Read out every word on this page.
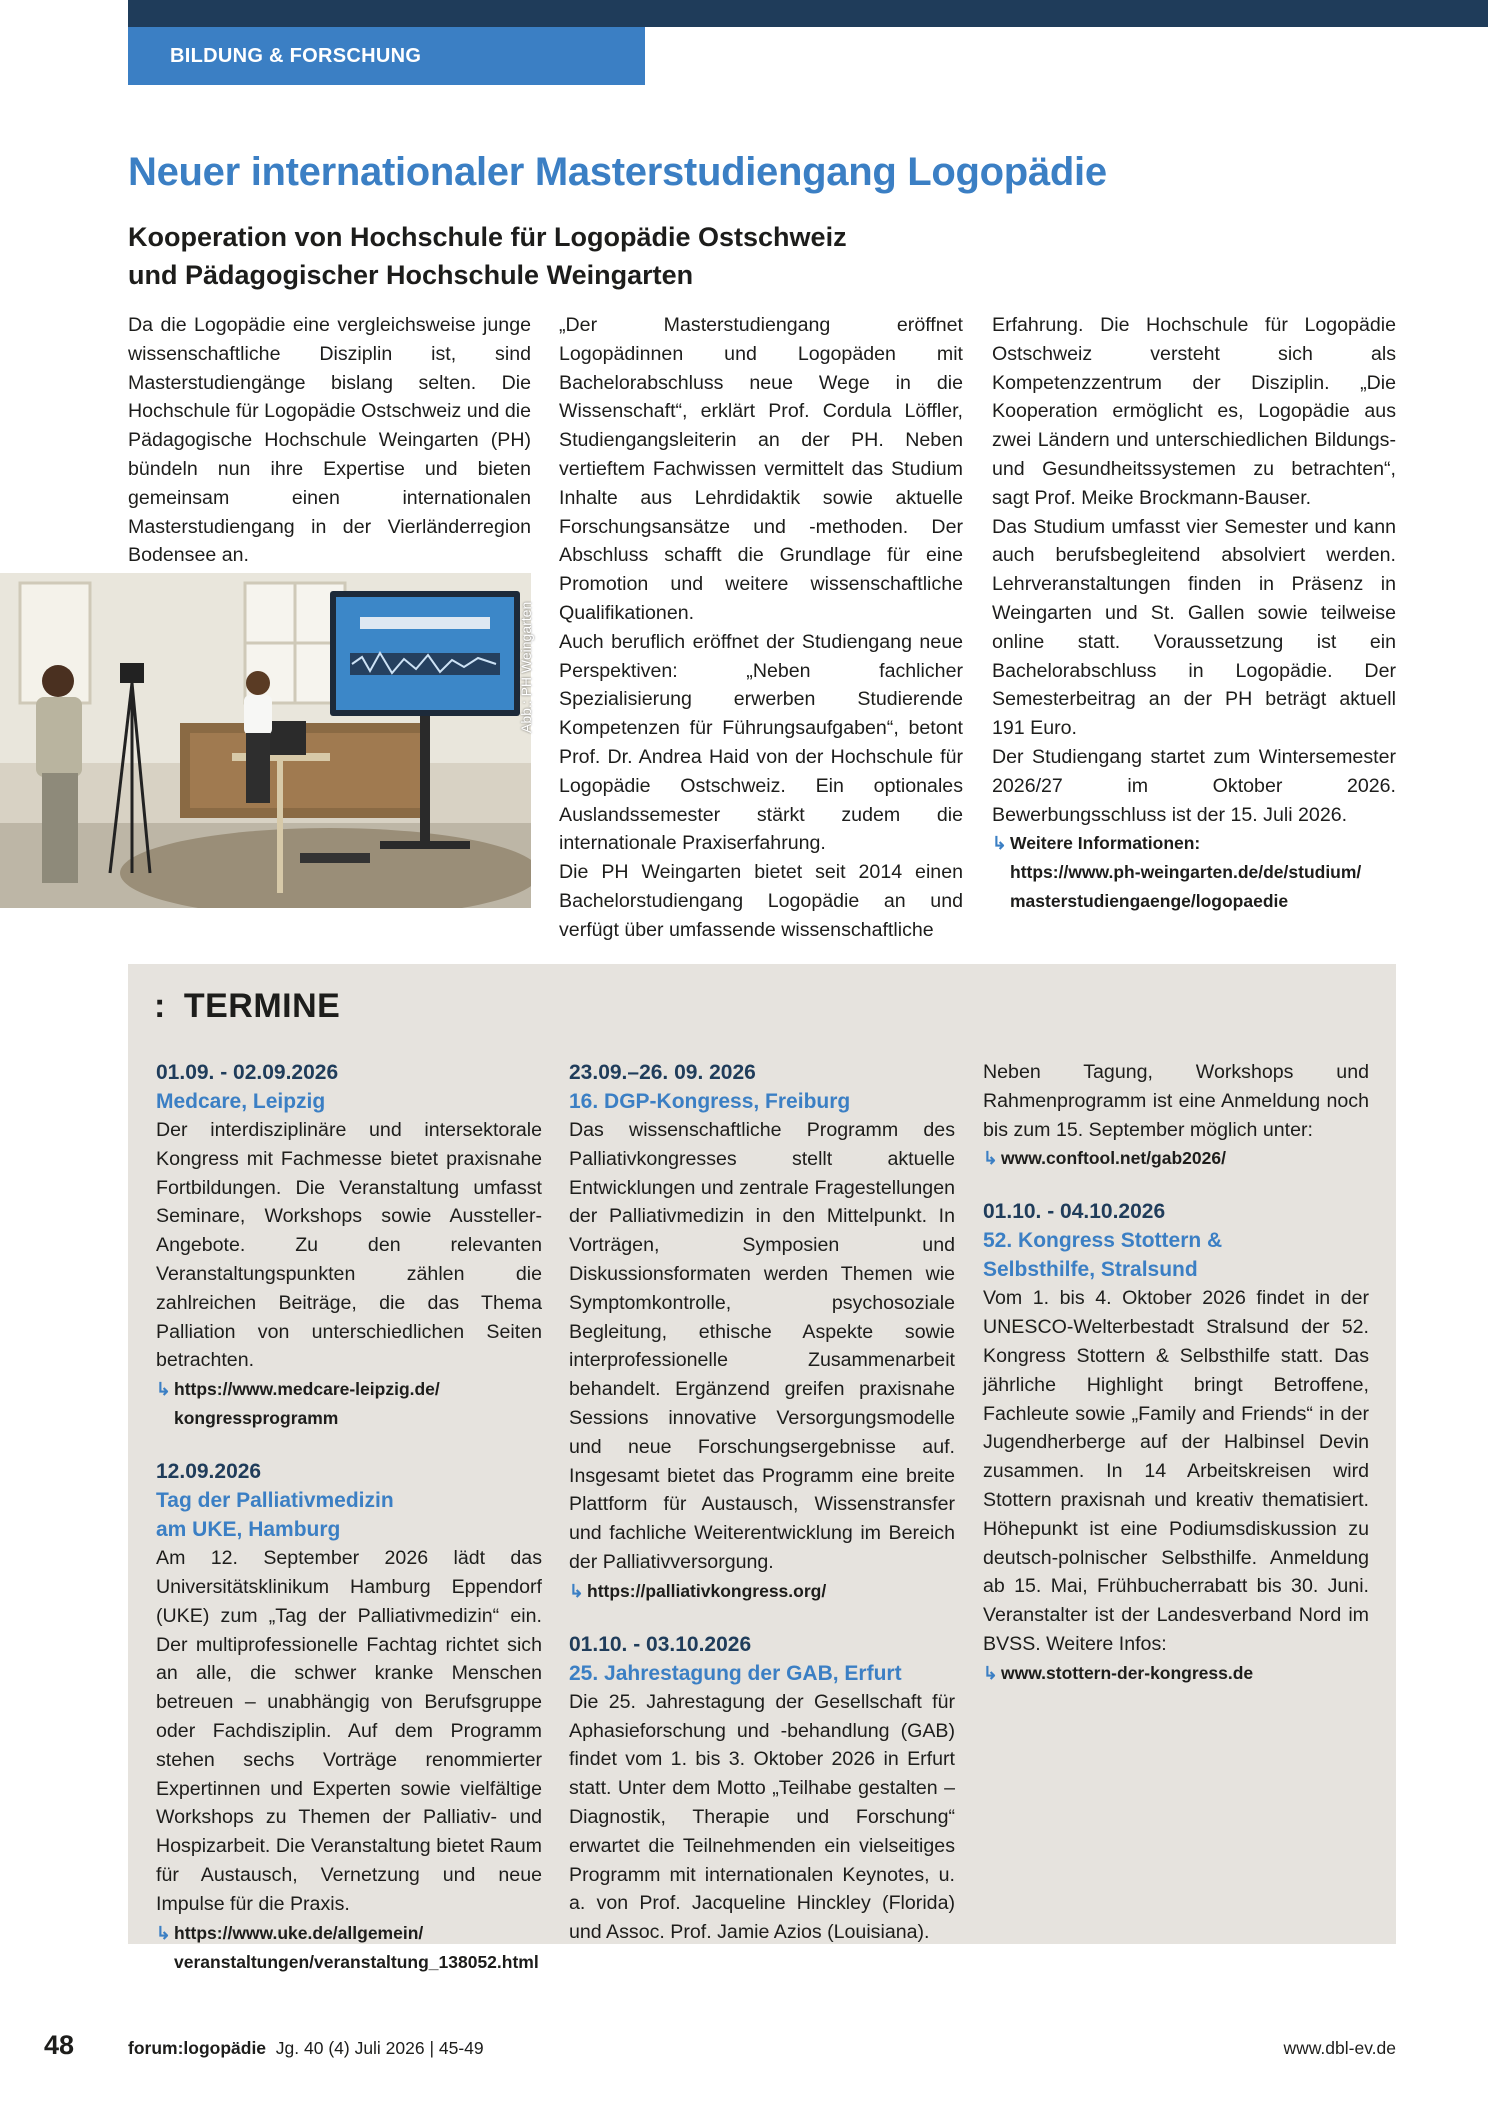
BILDUNG & FORSCHUNG
Neuer internationaler Masterstudiengang Logopädie
Kooperation von Hochschule für Logopädie Ostschweiz
und Pädagogischer Hochschule Weingarten

Da die Logopädie eine vergleichsweise junge wissenschaftliche Disziplin ist, sind Masterstudiengänge bislang selten. Die Hochschule für Logopädie Ostschweiz und die Pädagogische Hochschule Weingarten (PH) bündeln nun ihre Expertise und bieten gemeinsam einen internationalen Masterstudiengang in der Vierländerregion Bodensee an.

Abb.: PH Weingarten

„Der Masterstudiengang eröffnet Logopädinnen und Logopäden mit Bachelorabschluss neue Wege in die Wissenschaft“, erklärt Prof. Cordula Löffler, Studiengangsleiterin an der PH. Neben vertieftem Fachwissen vermittelt das Studium Inhalte aus Lehrdidaktik sowie aktuelle Forschungsansätze und -methoden. Der Abschluss schafft die Grundlage für eine Promotion und weitere wissenschaftliche Qualifikationen.

Auch beruflich eröffnet der Studiengang neue Perspektiven: „Neben fachlicher Spezialisierung erwerben Studierende Kompetenzen für Führungsaufgaben“, betont Prof. Dr. Andrea Haid von der Hochschule für Logopädie Ostschweiz. Ein optionales Auslandssemester stärkt zudem die internationale Praxiserfahrung.

Die PH Weingarten bietet seit 2014 einen Bachelorstudiengang Logopädie an und verfügt über umfassende wissenschaftliche

Erfahrung. Die Hochschule für Logopädie Ostschweiz versteht sich als Kompetenzzentrum der Disziplin. „Die Kooperation ermöglicht es, Logopädie aus zwei Ländern und unterschiedlichen Bildungs- und Gesundheitssystemen zu betrachten“, sagt Prof. Meike Brockmann-Bauser.

Das Studium umfasst vier Semester und kann auch berufsbegleitend absolviert werden. Lehrveranstaltungen finden in Präsenz in Weingarten und St. Gallen sowie teilweise online statt. Voraussetzung ist ein Bachelorabschluss in Logopädie. Der Semesterbeitrag an der PH beträgt aktuell 191 Euro.

Der Studiengang startet zum Wintersemester 2026/27 im Oktober 2026. Bewerbungsschluss ist der 15. Juli 2026.

↳ Weitere Informationen:
https://www.ph-weingarten.de/de/studium/
masterstudiengaenge/logopaedie
: TERMINE
01.09. - 02.09.2026
Medcare, Leipzig

Der interdisziplinäre und intersektorale Kongress mit Fachmesse bietet praxisnahe Fortbildungen. Die Veranstaltung umfasst Seminare, Workshops sowie Aussteller-Angebote. Zu den relevanten Veranstaltungspunkten zählen die zahlreichen Beiträge, die das Thema Palliation von unterschiedlichen Seiten betrachten.

↳ https://www.medcare-leipzig.de/
kongressprogramm
12.09.2026
Tag der Palliativmedizin
am UKE, Hamburg

Am 12. September 2026 lädt das Universitätsklinikum Hamburg Eppendorf (UKE) zum „Tag der Palliativmedizin“ ein. Der multiprofessionelle Fachtag richtet sich an alle, die schwer kranke Menschen betreuen – unabhängig von Berufsgruppe oder Fachdisziplin. Auf dem Programm stehen sechs Vorträge renommierter Expertinnen und Experten sowie vielfältige Workshops zu Themen der Palliativ- und Hospizarbeit. Die Veranstaltung bietet Raum für Austausch, Vernetzung und neue Impulse für die Praxis.

↳ https://www.uke.de/allgemein/
veranstaltungen/veranstaltung_138052.html
23.09.–26. 09. 2026
16. DGP-Kongress, Freiburg

Das wissenschaftliche Programm des Palliativkongresses stellt aktuelle Entwicklungen und zentrale Fragestellungen der Palliativmedizin in den Mittelpunkt. In Vorträgen, Symposien und Diskussionsformaten werden Themen wie Symptomkontrolle, psychosoziale Begleitung, ethische Aspekte sowie interprofessionelle Zusammenarbeit behandelt. Ergänzend greifen praxisnahe Sessions innovative Versorgungsmodelle und neue Forschungsergebnisse auf. Insgesamt bietet das Programm eine breite Plattform für Austausch, Wissenstransfer und fachliche Weiterentwicklung im Bereich der Palliativversorgung.

↳ https://palliativkongress.org/
01.10. - 03.10.2026
25. Jahrestagung der GAB, Erfurt

Die 25. Jahrestagung der Gesellschaft für Aphasieforschung und -behandlung (GAB) findet vom 1. bis 3. Oktober 2026 in Erfurt statt. Unter dem Motto „Teilhabe gestalten – Diagnostik, Therapie und Forschung“ erwartet die Teilnehmenden ein vielseitiges Programm mit internationalen Keynotes, u. a. von Prof. Jacqueline Hinckley (Florida) und Assoc. Prof. Jamie Azios (Louisiana).

Neben Tagung, Workshops und Rahmenprogramm ist eine Anmeldung noch bis zum 15. September möglich unter:

↳ www.conftool.net/gab2026/
01.10. - 04.10.2026
52. Kongress Stottern &
Selbsthilfe, Stralsund

Vom 1. bis 4. Oktober 2026 findet in der UNESCO-Welterbestadt Stralsund der 52. Kongress Stottern & Selbsthilfe statt. Das jährliche Highlight bringt Betroffene, Fachleute sowie „Family and Friends“ in der Jugendherberge auf der Halbinsel Devin zusammen. In 14 Arbeitskreisen wird Stottern praxisnah und kreativ thematisiert. Höhepunkt ist eine Podiumsdiskussion zu deutsch-polnischer Selbsthilfe. Anmeldung ab 15. Mai, Frühbucherrabatt bis 30. Juni. Veranstalter ist der Landesverband Nord im BVSS. Weitere Infos:

↳ www.stottern-der-kongress.de
48	forum:logopädie Jg. 40 (4) Juli 2026 | 45-49	www.dbl-ev.de
